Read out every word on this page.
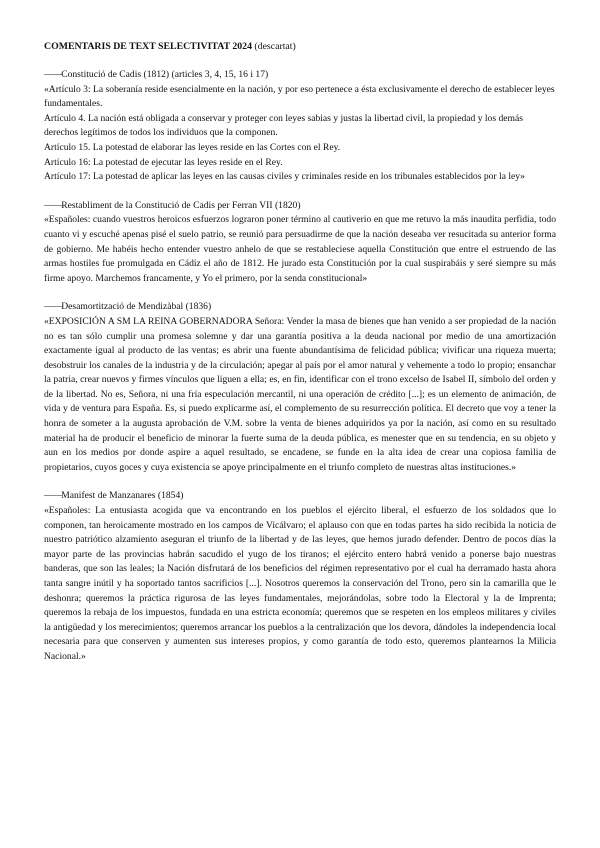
COMENTARIS DE TEXT SELECTIVITAT 2024 (descartat)
——Constitució de Cadis (1812) (articles 3, 4, 15, 16 i 17)

«Artículo 3: La soberanía reside esencialmente en la nación, y por eso pertenece a ésta exclusivamente el derecho de establecer leyes fundamentales.

Artículo 4. La nación está obligada a conservar y proteger con leyes sabias y justas la libertad civil, la propiedad y los demás derechos legítimos de todos los individuos que la componen.

Artículo 15. La potestad de elaborar las leyes reside en las Cortes con el Rey.

Artículo 16: La potestad de ejecutar las leyes reside en el Rey.

Artículo 17: La potestad de aplicar las leyes en las causas civiles y criminales reside en los tribunales establecidos por la ley»

——Restabliment de la Constitució de Cadis per Ferran VII (1820)

«Españoles: cuando vuestros heroicos esfuerzos lograron poner término al cautiverio en que me retuvo la más inaudita perfidia, todo cuanto vi y escuché apenas pisé el suelo patrio, se reunió para persuadirme de que la nación deseaba ver resucitada su anterior forma de gobierno. Me habéis hecho entender vuestro anhelo de que se restableciese aquella Constitución que entre el estruendo de las armas hostiles fue promulgada en Cádiz el año de 1812. He jurado esta Constitución por la cual suspirabáis y seré siempre su más firme apoyo. Marchemos francamente, y Yo el primero, por la senda constitucional»

——Desamortització de Mendizàbal (1836)

«EXPOSICIÓN A SM LA REINA GOBERNADORA Señora: Vender la masa de bienes que han venido a ser propiedad de la nación no es tan sólo cumplir una promesa solemne y dar una garantía positiva a la deuda nacional por medio de una amortización exactamente igual al producto de las ventas; es abrir una fuente abundantísima de felicidad pública; vivificar una riqueza muerta; desobstruir los canales de la industria y de la circulación; apegar al país por el amor natural y vehemente a todo lo propio; ensanchar la patria, crear nuevos y firmes vínculos que liguen a ella; es, en fin, identificar con el trono excelso de Isabel II, símbolo del orden y de la libertad. No es, Señora, ni una fría especulación mercantil, ni una operación de crédito [...]; es un elemento de animación, de vida y de ventura para España. Es, si puedo explicarme así, el complemento de su resurrección política. El decreto que voy a tener la honra de someter a la augusta aprobación de V.M. sobre la venta de bienes adquiridos ya por la nación, así como en su resultado material ha de producir el beneficio de minorar la fuerte suma de la deuda pública, es menester que en su tendencia, en su objeto y aun en los medios por donde aspire a aquel resultado, se encadene, se funde en la alta idea de crear una copiosa familia de propietarios, cuyos goces y cuya existencia se apoye principalmente en el triunfo completo de nuestras altas instituciones.»

——Manifest de Manzanares (1854)

«Españoles: La entusiasta acogida que va encontrando en los pueblos el ejército liberal, el esfuerzo de los soldados que lo componen, tan heroicamente mostrado en los campos de Vicálvaro; el aplauso con que en todas partes ha sido recibida la noticia de nuestro patriótico alzamiento aseguran el triunfo de la libertad y de las leyes, que hemos jurado defender. Dentro de pocos días la mayor parte de las provincias habrán sacudido el yugo de los tiranos; el ejército entero habrá venido a ponerse bajo nuestras banderas, que son las leales; la Nación disfrutará de los beneficios del régimen representativo por el cual ha derramado hasta ahora tanta sangre inútil y ha soportado tantos sacrificios [...]. Nosotros queremos la conservación del Trono, pero sin la camarilla que le deshonra; queremos la práctica rigurosa de las leyes fundamentales, mejorándolas, sobre todo la Electoral y la de Imprenta; queremos la rebaja de los impuestos, fundada en una estricta economía; queremos que se respeten en los empleos militares y civiles la antigüedad y los merecimientos; queremos arrancar los pueblos a la centralización que los devora, dándoles la independencia local necesaria para que conserven y aumenten sus intereses propios, y como garantía de todo esto, queremos plantearnos la Milicia Nacional.»
